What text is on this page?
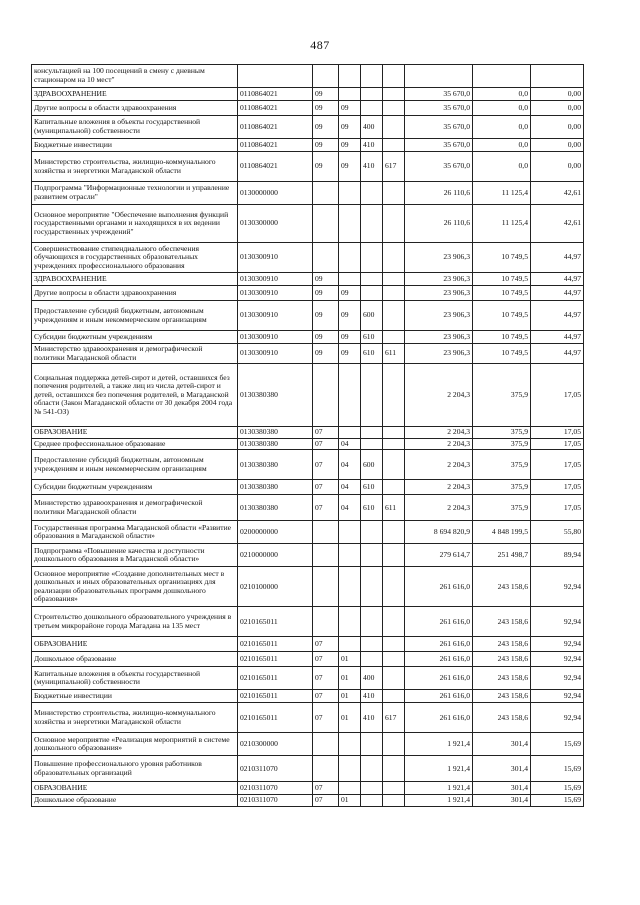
487
консультацией на 100 посещений в смену с дневным стационаром на 10 мест"								
ЗДРАВООХРАНЕНИЕ	0110864021	09				35 670,0	0,0	0,00
Другие вопросы в области здравоохранения	0110864021	09	09			35 670,0	0,0	0,00
Капитальные вложения в объекты государственной (муниципальной) собственности	0110864021	09	09	400		35 670,0	0,0	0,00
Бюджетные инвестиции	0110864021	09	09	410		35 670,0	0,0	0,00
Министерство строительства, жилищно-коммунального хозяйства и энергетики Магаданской области	0110864021	09	09	410	617	35 670,0	0,0	0,00
Подпрограмма "Информационные технологии и управление развитием отрасли"	0130000000					26 110,6	11 125,4	42,61
Основное мероприятие "Обеспечение выполнения функций государственными органами и находящихся в их ведении государственных учреждений"	0130300000					26 110,6	11 125,4	42,61
Совершенствование стипендиального обеспечения обучающихся в государственных образовательных учреждениях профессионального образования	0130300910					23 906,3	10 749,5	44,97
ЗДРАВООХРАНЕНИЕ	0130300910	09				23 906,3	10 749,5	44,97
Другие вопросы в области здравоохранения	0130300910	09	09			23 906,3	10 749,5	44,97
Предоставление субсидий бюджетным, автономным учреждениям и иным некоммерческим организациям	0130300910	09	09	600		23 906,3	10 749,5	44,97
Субсидии бюджетным учреждениям	0130300910	09	09	610		23 906,3	10 749,5	44,97
Министерство здравоохранения и демографической политики Магаданской области	0130300910	09	09	610	611	23 906,3	10 749,5	44,97
Социальная поддержка детей-сирот и детей, оставшихся без попечения родителей, а также лиц из числа детей-сирот и детей, оставшихся без попечения родителей, в Магаданской области (Закон Магаданской области от 30 декабря 2004 года № 541-ОЗ)	0130380380					2 204,3	375,9	17,05
ОБРАЗОВАНИЕ	0130380380	07				2 204,3	375,9	17,05
Среднее профессиональное образование	0130380380	07	04			2 204,3	375,9	17,05
Предоставление субсидий бюджетным, автономным учреждениям и иным некоммерческим организациям	0130380380	07	04	600		2 204,3	375,9	17,05
Субсидии бюджетным учреждениям	0130380380	07	04	610		2 204,3	375,9	17,05
Министерство здравоохранения и демографической политики Магаданской области	0130380380	07	04	610	611	2 204,3	375,9	17,05
Государственная программа Магаданской области «Развитие образования в Магаданской области»	0200000000					8 694 820,9	4 848 199,5	55,80
Подпрограмма «Повышение качества и доступности дошкольного образования в Магаданской области»	0210000000					279 614,7	251 498,7	89,94
Основное мероприятие «Создание дополнительных мест в дошкольных и иных образовательных организациях для реализации образовательных программ дошкольного образования»	0210100000					261 616,0	243 158,6	92,94
Строительство дошкольного образовательного учреждения в третьем микрорайоне города Магадана на 135 мест	0210165011					261 616,0	243 158,6	92,94
ОБРАЗОВАНИЕ	0210165011	07				261 616,0	243 158,6	92,94
Дошкольное образование	0210165011	07	01			261 616,0	243 158,6	92,94
Капитальные вложения в объекты государственной (муниципальной) собственности	0210165011	07	01	400		261 616,0	243 158,6	92,94
Бюджетные инвестиции	0210165011	07	01	410		261 616,0	243 158,6	92,94
Министерство строительства, жилищно-коммунального хозяйства и энергетики Магаданской области	0210165011	07	01	410	617	261 616,0	243 158,6	92,94
Основное мероприятие «Реализация мероприятий в системе дошкольного образования»	0210300000					1 921,4	301,4	15,69
Повышение профессионального уровня работников образовательных организаций	0210311070					1 921,4	301,4	15,69
ОБРАЗОВАНИЕ	0210311070	07				1 921,4	301,4	15,69
Дошкольное образование	0210311070	07	01			1 921,4	301,4	15,69
